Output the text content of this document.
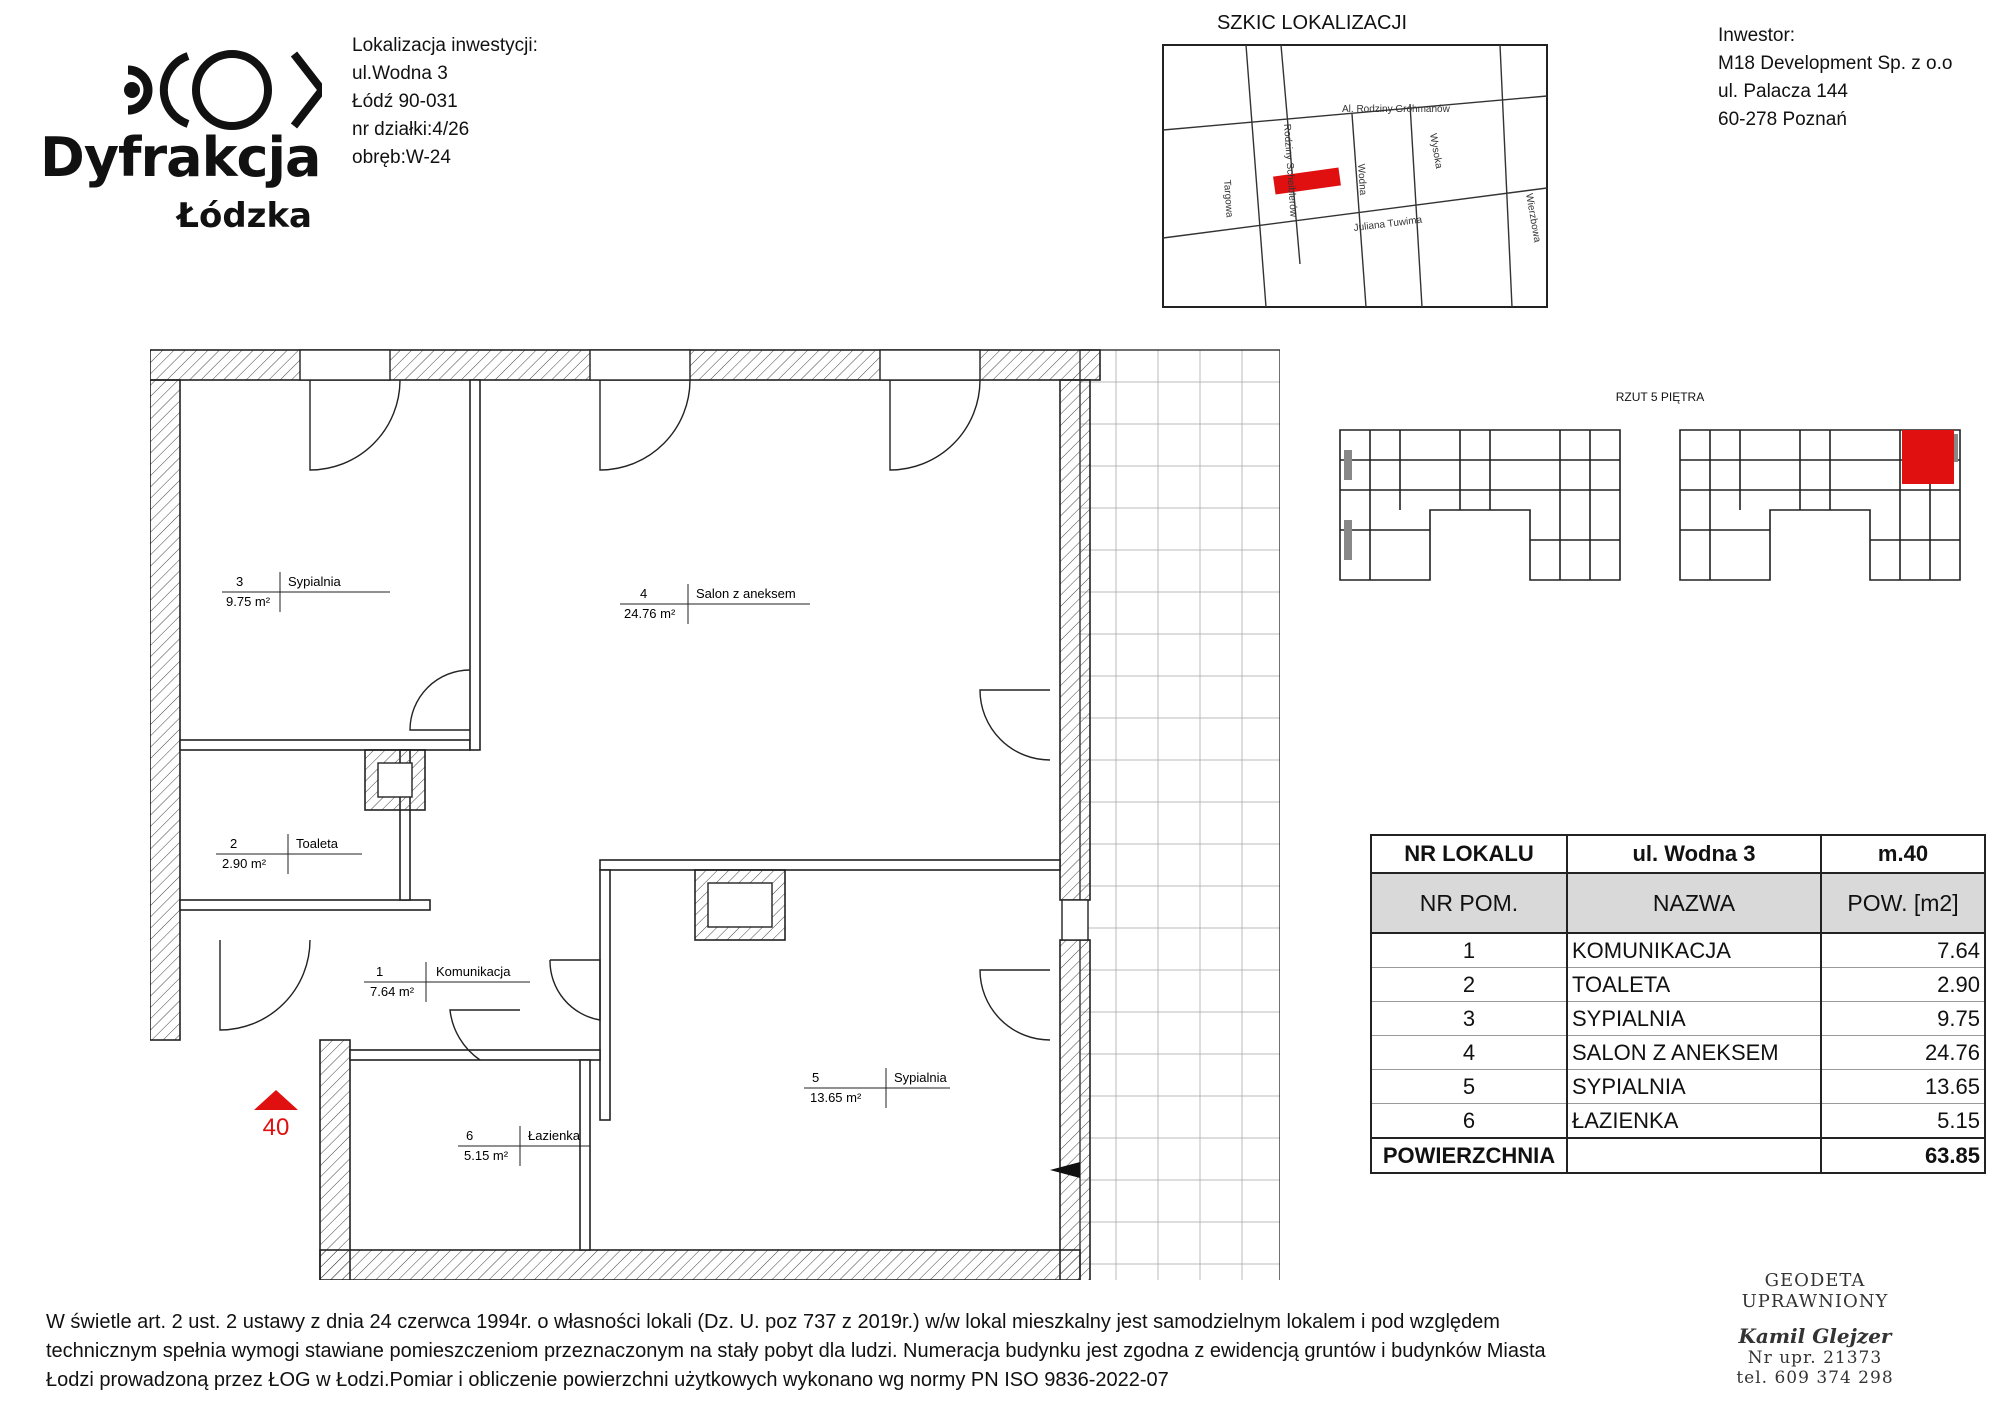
Dyfrakcja
Łódzka
Lokalizacja inwestycji:
ul.Wodna 3
Łódź 90-031
nr działki:4/26
obręb:W-24
Inwestor:
M18 Development Sp. z o.o
ul. Palacza 144
60-278 Poznań
SZKIC LOKALIZACJI
Al. Rodziny Grohmanów
Rodziny Scheiblerów	Wodna
Wysoka
Targowa
Juliana Tuwima	Wierzbowa
RZUT 5 PIĘTRA
3	Sypialnia
9.75 m²
4	Salon z aneksem
24.76 m²
2	Toaleta
2.90 m²
1	Komunikacja
7.64 m²
5	Sypialnia
13.65 m²
6	Łazienka
5.15 m²
40
NR LOKALU	ul. Wodna 3	m.40
NR POM.	NAZWA	POW. [m2]
1	KOMUNIKACJA	7.64
2	TOALETA	2.90
3	SYPIALNIA	9.75
4	SALON Z ANEKSEM	24.76
5	SYPIALNIA	13.65
6	ŁAZIENKA	5.15
POWIERZCHNIA		63.85
W świetle art. 2 ust. 2 ustawy z dnia 24 czerwca 1994r. o własności lokali (Dz. U. poz 737 z 2019r.) w/w lokal mieszkalny jest samodzielnym lokalem i pod względem
technicznym spełnia wymogi stawiane pomieszczeniom przeznaczonym na stały pobyt dla ludzi. Numeracja budynku jest zgodna z ewidencją gruntów i budynków Miasta
Łodzi prowadzoną przez ŁOG w Łodzi.Pomiar i obliczenie powierzchni użytkowych wykonano wg normy PN ISO 9836-2022-07
GEODETA UPRAWNIONY
Kamil Glejzer
Nr upr. 21373
tel. 609 374 298
